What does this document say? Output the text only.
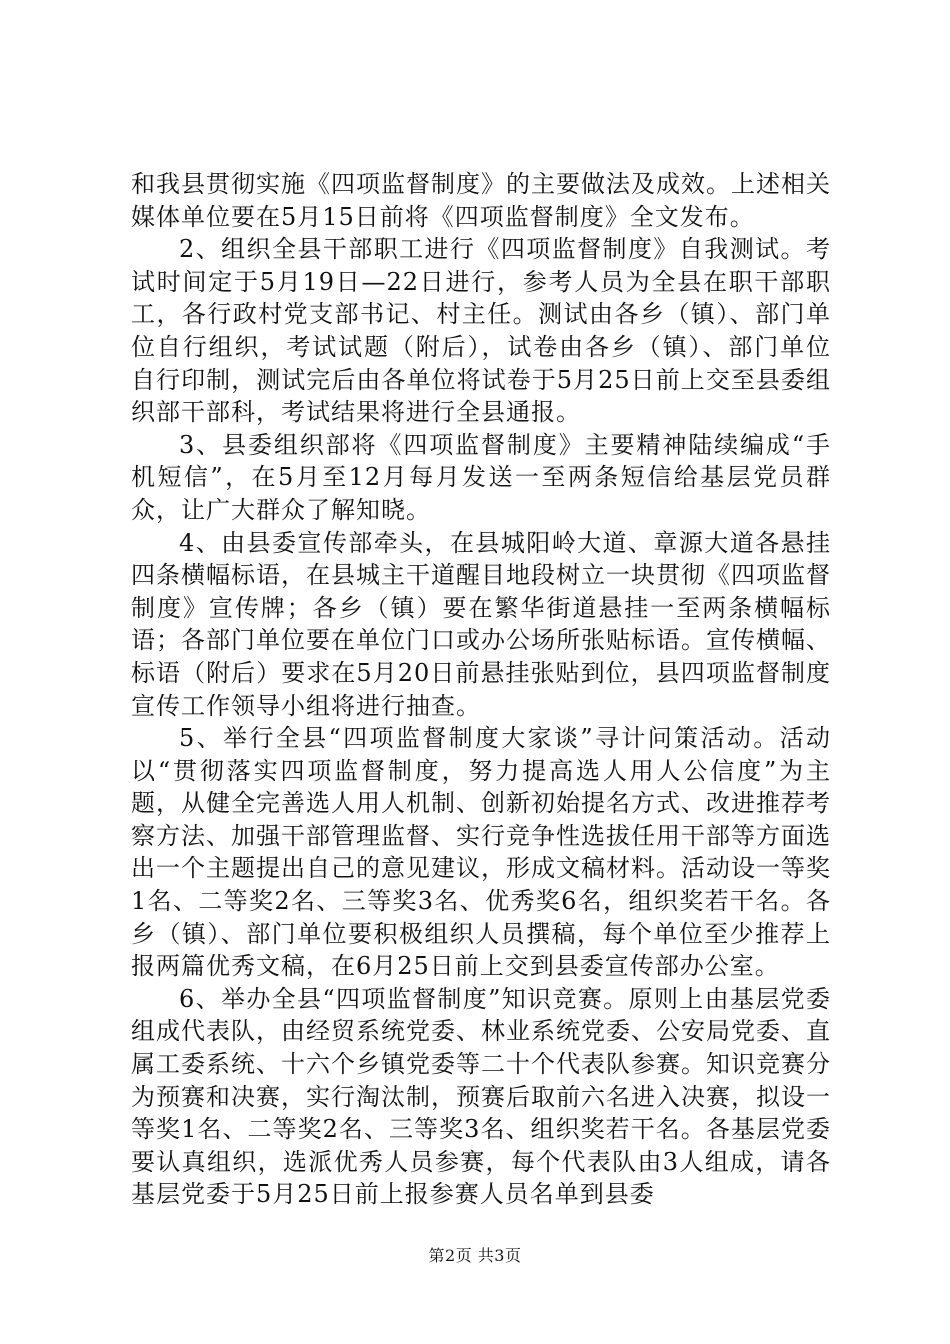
和我县贯彻实施《四项监督制度》的主要做法及成效。上述相关媒体单位要在5月15日前将《四项监督制度》全文发布。

2、组织全县干部职工进行《四项监督制度》自我测试。考试时间定于5月19日—22日进行，参考人员为全县在职干部职工，各行政村党支部书记、村主任。测试由各乡（镇）、部门单位自行组织，考试试题（附后），试卷由各乡（镇）、部门单位自行印制，测试完后由各单位将试卷于5月25日前上交至县委组织部干部科，考试结果将进行全县通报。

3、县委组织部将《四项监督制度》主要精神陆续编成“手机短信”，在5月至12月每月发送一至两条短信给基层党员群众，让广大群众了解知晓。

4、由县委宣传部牵头，在县城阳岭大道、章源大道各悬挂四条横幅标语，在县城主干道醒目地段树立一块贯彻《四项监督制度》宣传牌；各乡（镇）要在繁华街道悬挂一至两条横幅标语；各部门单位要在单位门口或办公场所张贴标语。宣传横幅、标语（附后）要求在5月20日前悬挂张贴到位，县四项监督制度宣传工作领导小组将进行抽查。

5、举行全县“四项监督制度大家谈”寻计问策活动。活动以“贯彻落实四项监督制度，努力提高选人用人公信度”为主题，从健全完善选人用人机制、创新初始提名方式、改进推荐考察方法、加强干部管理监督、实行竞争性选拔任用干部等方面选出一个主题提出自己的意见建议，形成文稿材料。活动设一等奖1名、二等奖2名、三等奖3名、优秀奖6名，组织奖若干名。各乡（镇）、部门单位要积极组织人员撰稿，每个单位至少推荐上报两篇优秀文稿，在6月25日前上交到县委宣传部办公室。

6、举办全县“四项监督制度”知识竞赛。原则上由基层党委组成代表队，由经贸系统党委、林业系统党委、公安局党委、直属工委系统、十六个乡镇党委等二十个代表队参赛。知识竞赛分为预赛和决赛，实行淘汰制，预赛后取前六名进入决赛，拟设一等奖1名、二等奖2名、三等奖3名、组织奖若干名。各基层党委要认真组织，选派优秀人员参赛，每个代表队由3人组成，请各基层党委于5月25日前上报参赛人员名单到县委

第2页 共3页
